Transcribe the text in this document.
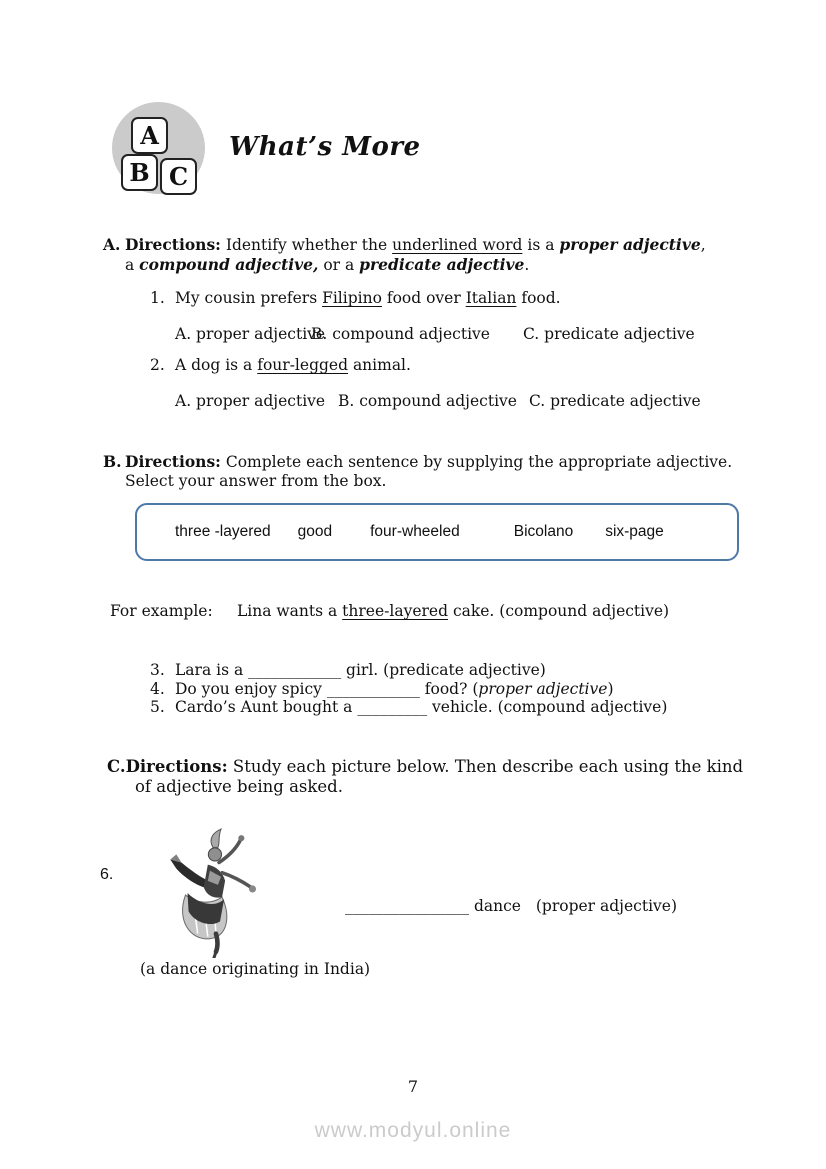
A
B C
What’s More
A. Directions: Identify whether the underlined word is a proper adjective, a compound adjective, or a predicate adjective.
1. My cousin prefers Filipino food over Italian food.
A. proper adjectiveB. compound adjective C. predicate adjective
2. A dog is a four-legged animal.
A. proper adjective B. compound adjective C. predicate adjective
B. Directions: Complete each sentence by supplying the appropriate adjective. Select your answer from the box.
three -layered good four-wheeled	Bicolano six-page
For example:	Lina wants a three-layered cake. (compound adjective)
3. Lara is a ____________ girl. (predicate adjective)
4. Do you enjoy spicy ____________ food? (proper adjective)
5. Cardo’s Aunt bought a _________ vehicle. (compound adjective)
C.Directions: Study each picture below. Then describe each using the kind of adjective being asked.
6.
________________ dance (proper adjective)
(a dance originating in India)
7
www.modyul.online
